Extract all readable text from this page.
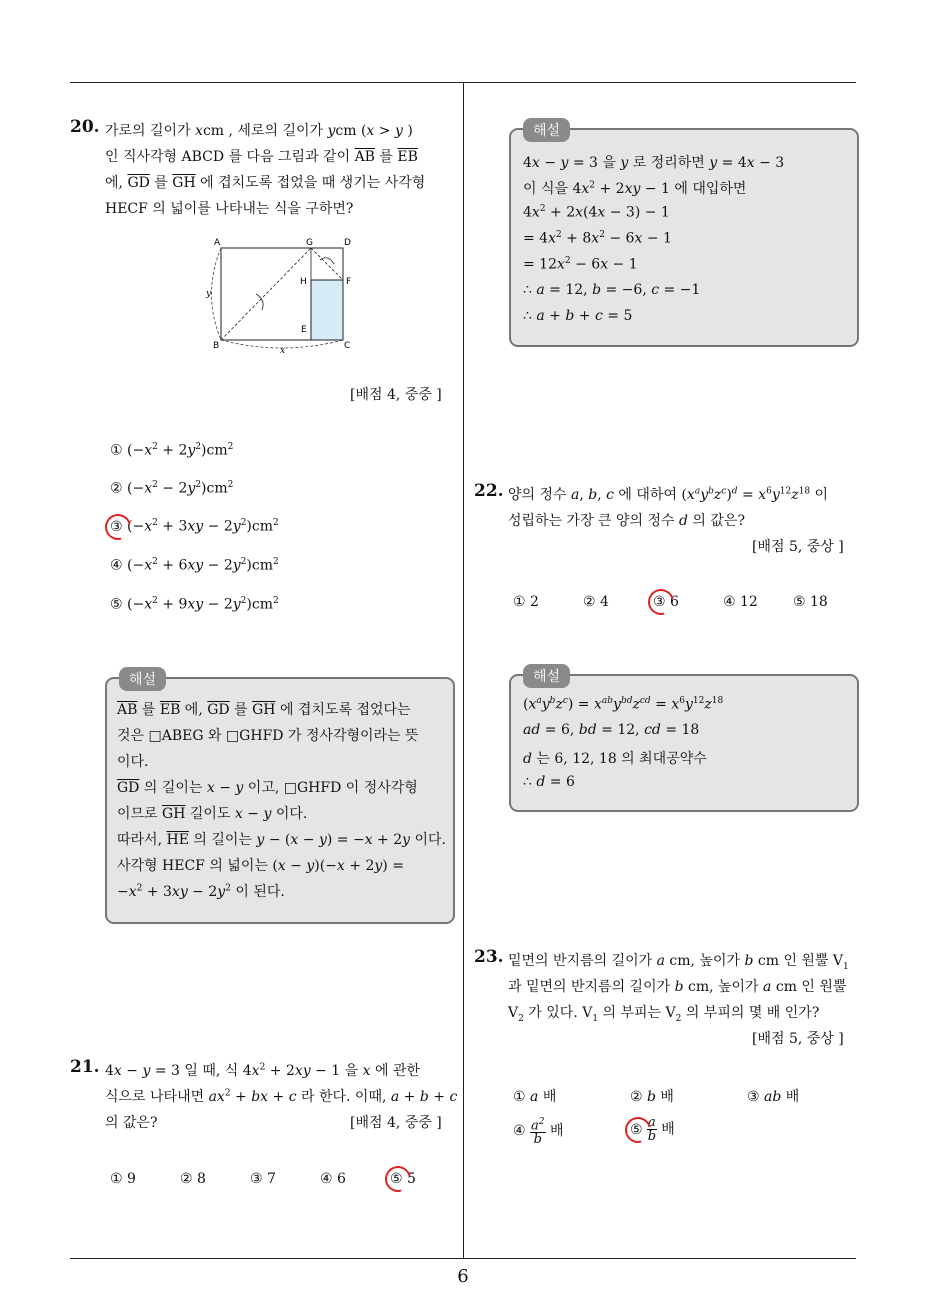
6
20. 가로의 길이가 xcm , 세로의 길이가 ycm (x > y )
인 직사각형 ABCD 를 다음 그림과 같이 $\overline{AB}$ 를 $\overline{EB}$
에, $\overline{GD}$ 를 $\overline{GH}$ 에 겹치도록 접었을 때 생기는 사각형
HECF 의 넓이를 나타내는 식을 구하면?
A	G	D
H	F
E
B	C
y
x
[배점 4, 중중 ]
① $(-x^2 + 2y^2)cm^2$
② $(-x^2 - 2y^2)cm^2$
③
$(-x^2 + 3xy - 2y^2)cm^2$
④ $(-x^2 + 6xy - 2y^2)cm^2$
⑤ $(-x^2 + 9xy - 2y^2)cm^2$
$\overline{AB}$ 를 $\overline{EB}$ 에, $\overline{GD}$ 를 $\overline{GH}$ 에 겹치도록 접었다는
것은 □ABEG 와 □GHFD 가 정사각형이라는 뜻
이다.
$\overline{GD}$ 의 길이는 x − y 이고, □GHFD 이 정사각형
이므로 $\overline{GH}$ 길이도 x − y 이다.
따라서, $\overline{HE}$ 의 길이는 y − (x − y) = −x + 2y 이다.
사각형 HECF 의 넓이는 (x − y)(−x + 2y) =
$-x^2 + 3xy - 2y^2$ 이 된다.
해설
21. 4x − y = 3 일 때, 식 $4x^2 + 2xy - 1$ 을 x 에 관한
식으로 나타내면 $ax^2$ + bx + c 라 한다. 이때, a + b + c
의 값은?	[배점 4, 중중 ]
① 9	② 8	③ 7	④ 6	⑤
5
4x − y = 3 을 y 로 정리하면 y = 4x − 3
이 식을 $4x^2 + 2xy - 1$ 에 대입하면
$4x^2 + 2x(4x - 3) - 1$
= $4x^2 + 8x^2 - 6x - 1$
= $12x^2 - 6x - 1$
∴ a = 12, b = −6, c = −1
∴ a + b + c = 5
해설
22. 양의 정수 a, b, c 에 대하여 $(x^ay^bz^c)^d = x^6y^{12}z^{18}$ 이
성립하는 가장 큰 양의 정수 d 의 값은?
[배점 5, 중상 ]
① 2	② 4	③
6	④ 12	⑤ 18
$(x^ay^bz^c) = x^{ab}y^{bd}z^{cd} = x^6y^{12}z^{18}$
ad = 6, bd = 12, cd = 18
d 는 6, 12, 18 의 최대공약수
∴ d = 6
해설
23. 밑면의 반지름의 길이가 a cm, 높이가 b cm 인 원뿔 $V_1$
과 밑면의 반지름의 길이가 b cm, 높이가 a cm 인 원뿔
$V_2$ 가 있다. $V_1$ 의 부피는 $V_2$ 의 부피의 몇 배 인가?
[배점 5, 중상 ]
① a 배	② b 배	③ ab 배
④ $\frac{a^2}{b}$ 배	⑤
$\frac{a}{b}$ 배
